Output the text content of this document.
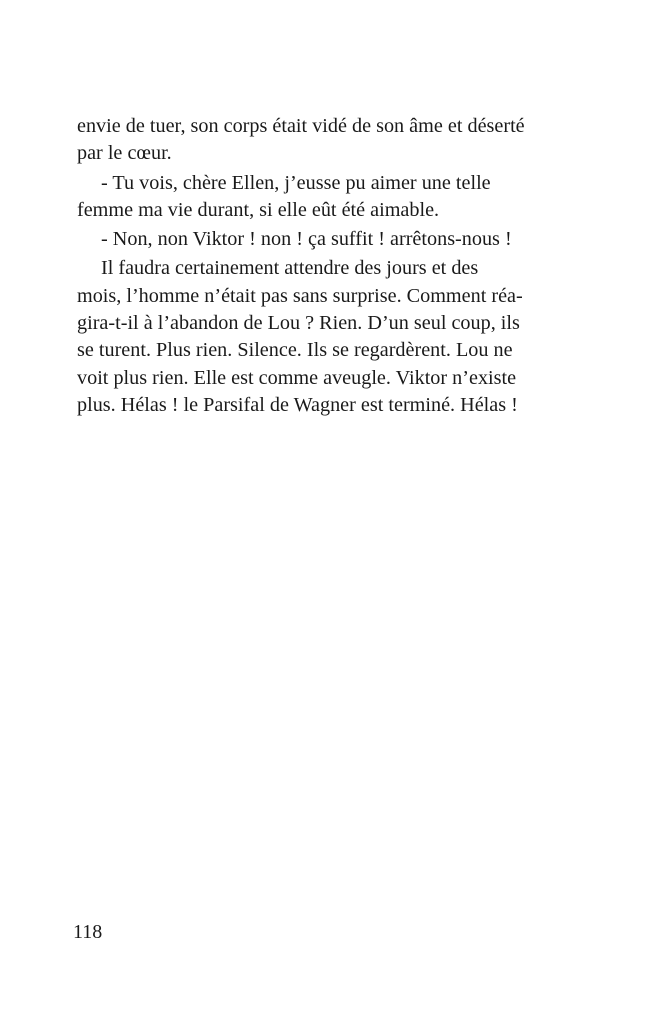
envie de tuer, son corps était vidé de son âme et déserté
par le cœur.

- Tu vois, chère Ellen, j’eusse pu aimer une telle
femme ma vie durant, si elle eût été aimable.

- Non, non Viktor ! non ! ça suffit ! arrêtons-nous !

Il faudra certainement attendre des jours et des
mois, l’homme n’était pas sans surprise. Comment réa-
gira-t-il à l’abandon de Lou ? Rien. D’un seul coup, ils
se turent. Plus rien. Silence. Ils se regardèrent. Lou ne
voit plus rien. Elle est comme aveugle. Viktor n’existe
plus. Hélas ! le Parsifal de Wagner est terminé. Hélas !

118
